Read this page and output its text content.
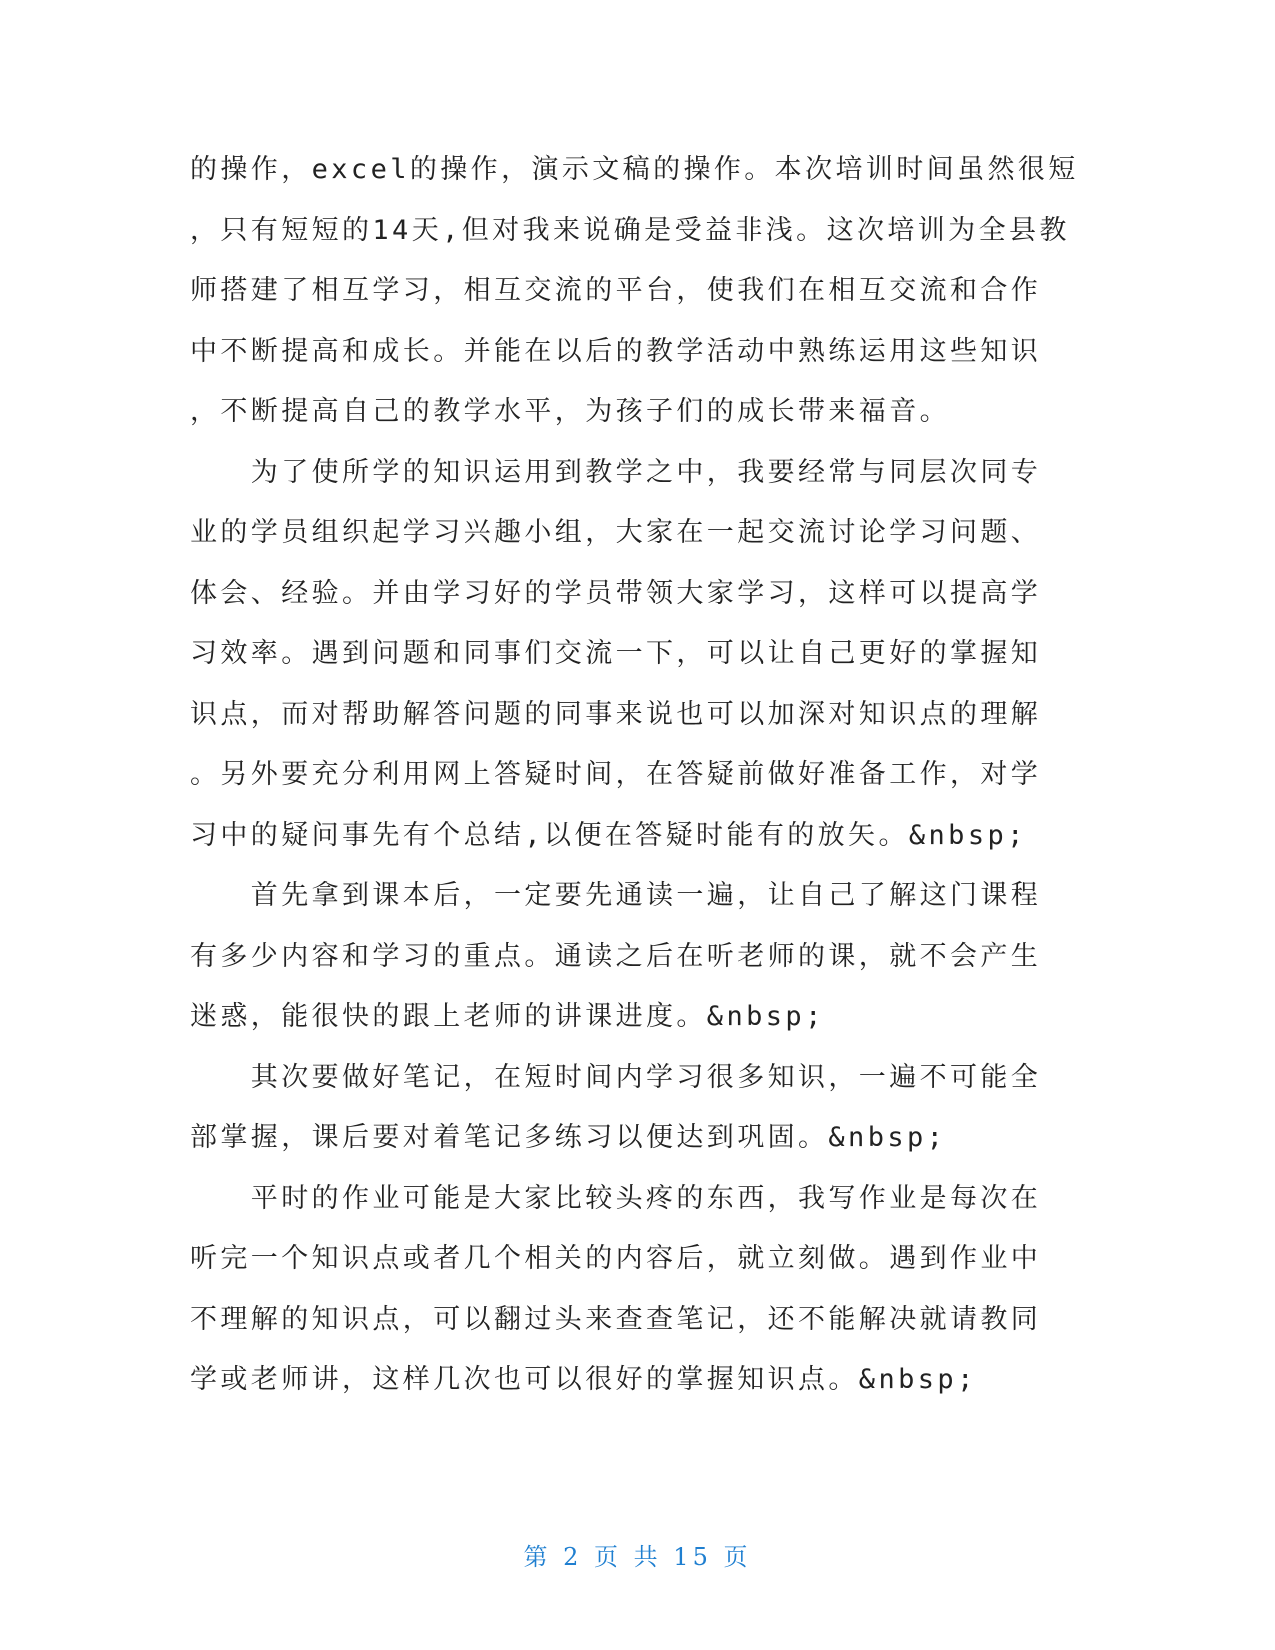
的操作，excel的操作，演示文稿的操作。本次培训时间虽然很短
，只有短短的14天,但对我来说确是受益非浅。这次培训为全县教
师搭建了相互学习，相互交流的平台，使我们在相互交流和合作
中不断提高和成长。并能在以后的教学活动中熟练运用这些知识
，不断提高自己的教学水平，为孩子们的成长带来福音。
　　为了使所学的知识运用到教学之中，我要经常与同层次同专
业的学员组织起学习兴趣小组，大家在一起交流讨论学习问题、
体会、经验。并由学习好的学员带领大家学习，这样可以提高学
习效率。遇到问题和同事们交流一下，可以让自己更好的掌握知
识点，而对帮助解答问题的同事来说也可以加深对知识点的理解
。另外要充分利用网上答疑时间，在答疑前做好准备工作，对学
习中的疑问事先有个总结,以便在答疑时能有的放矢。&nbsp;
　　首先拿到课本后，一定要先通读一遍，让自己了解这门课程
有多少内容和学习的重点。通读之后在听老师的课，就不会产生
迷惑，能很快的跟上老师的讲课进度。&nbsp;
　　其次要做好笔记，在短时间内学习很多知识，一遍不可能全
部掌握，课后要对着笔记多练习以便达到巩固。&nbsp;
　　平时的作业可能是大家比较头疼的东西，我写作业是每次在
听完一个知识点或者几个相关的内容后，就立刻做。遇到作业中
不理解的知识点，可以翻过头来查查笔记，还不能解决就请教同
学或老师讲，这样几次也可以很好的掌握知识点。&nbsp;
第 2 页 共 15 页
